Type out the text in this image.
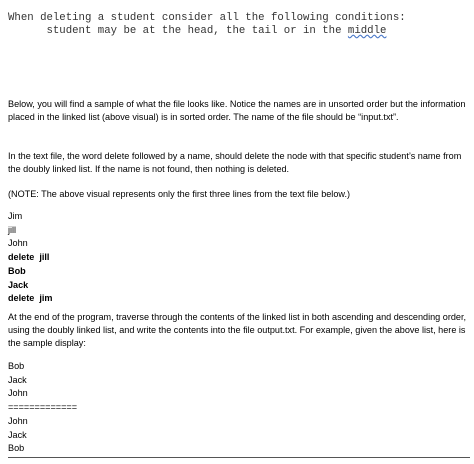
When deleting a student consider all the following conditions:
student may be at the head, the tail or in the middle

Below, you will find a sample of what the file looks like. Notice the names are in unsorted order but the information placed in the linked list (above visual) is in sorted order. The name of the file should be “input.txt”.

In the text file, the word delete followed by a name, should delete the node with that specific student’s name from the doubly linked list. If the name is not found, then nothing is deleted.

(NOTE: The above visual represents only the first three lines from the text file below.)

Jim
jill
John
delete  jill
Bob
Jack
delete  jim

At the end of the program, traverse through the contents of the linked list in both ascending and descending order, using the doubly linked list, and write the contents into the file output.txt. For example, given the above list, here is the sample display:

Bob
Jack
John
=============
John
Jack
Bob
